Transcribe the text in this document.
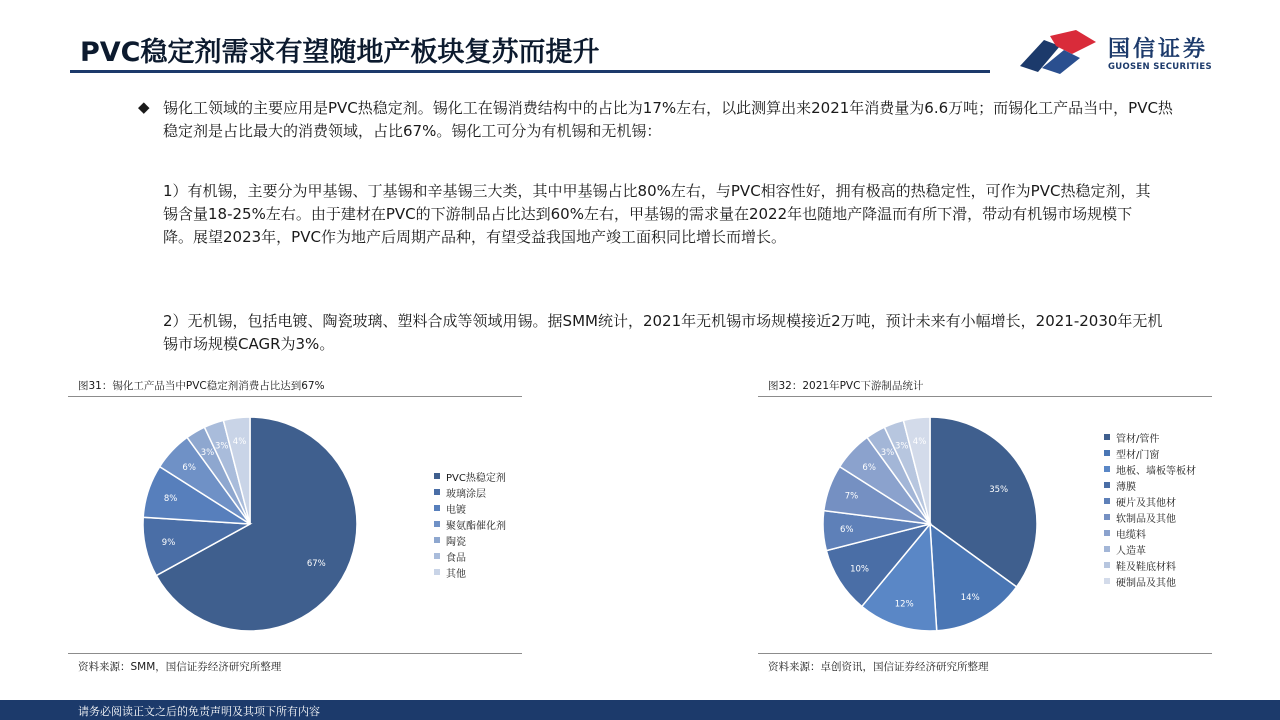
PVC稳定剂需求有望随地产板块复苏而提升	国信证券
GUOSEN SECURITIES
◆ 锡化工领域的主要应用是PVC热稳定剂。锡化工在锡消费结构中的占比为17%左右，以此测算出来2021年消费量为6.6万吨；而锡化工产品当中，PVC热稳定剂是占比最大的消费领域，占比67%。锡化工可分为有机锡和无机锡：
1）有机锡，主要分为甲基锡、丁基锡和辛基锡三大类，其中甲基锡占比80%左右，与PVC相容性好，拥有极高的热稳定性，可作为PVC热稳定剂，其锡含量18-25%左右。由于建材在PVC的下游制品占比达到60%左右，甲基锡的需求量在2022年也随地产降温而有所下滑，带动有机锡市场规模下降。展望2023年，PVC作为地产后周期产品种，有望受益我国地产竣工面积同比增长而增长。
2）无机锡，包括电镀、陶瓷玻璃、塑料合成等领域用锡。据SMM统计，2021年无机锡市场规模接近2万吨，预计未来有小幅增长，2021-2030年无机锡市场规模CAGR为3%。
图31：锡化工产品当中PVC稳定剂消费占比达到67%
67%
9%
8%
6%
3%
3% 4%
PVC热稳定剂
玻璃涂层
电镀
聚氨酯催化剂
陶瓷
食品
其他
资料来源：SMM，国信证券经济研究所整理
图32：2021年PVC下游制品统计
35%
14%
12%
10%
6%
7%
6%
3%
3% 4%	管材/管件
型材/门窗
地板、墙板等板材
薄膜
硬片及其他材
软制品及其他
电缆料
人造革
鞋及鞋底材料
硬制品及其他
资料来源：卓创资讯，国信证券经济研究所整理
请务必阅读正文之后的免责声明及其项下所有内容
